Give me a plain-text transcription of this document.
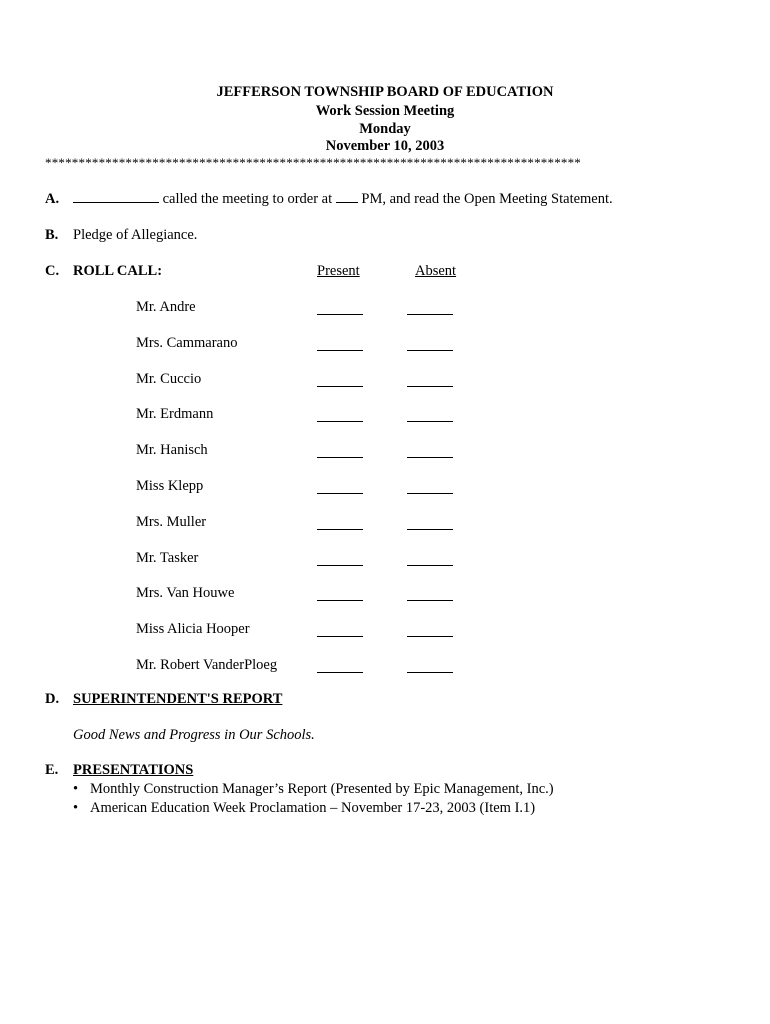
JEFFERSON TOWNSHIP BOARD OF EDUCATION
Work Session Meeting
Monday
November 10, 2003
********************************************************************************
A.	called the meeting to order at PM, and read the Open Meeting Statement.
B. Pledge of Allegiance.
C. ROLL CALL:	Present	Absent
Mr. Andre
Mrs. Cammarano
Mr. Cuccio
Mr. Erdmann
Mr. Hanisch
Miss Klepp
Mrs. Muller
Mr. Tasker
Mrs. Van Houwe
Miss Alicia Hooper
Mr. Robert VanderPloeg
D. SUPERINTENDENT'S REPORT
Good News and Progress in Our Schools.
E. PRESENTATIONS
• Monthly Construction Manager’s Report (Presented by Epic Management, Inc.)
• American Education Week Proclamation – November 17-23, 2003 (Item I.1)
